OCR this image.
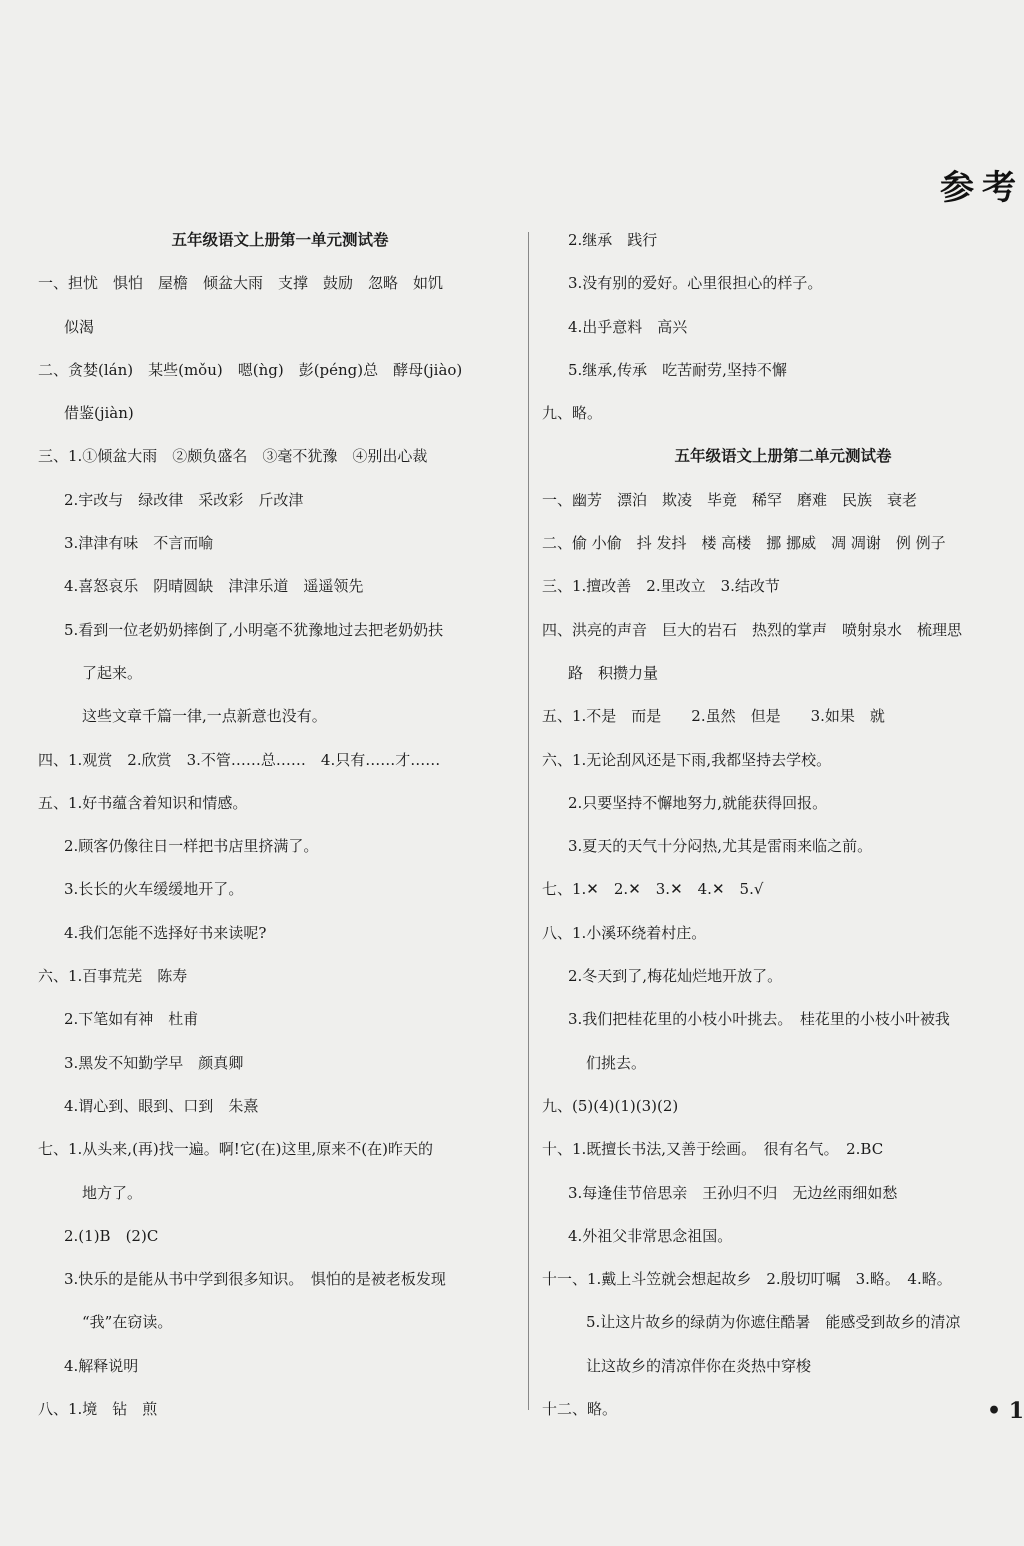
参考
五年级语文上册第一单元测试卷
一、担忧　惧怕　屋檐　倾盆大雨　支撑　鼓励　忽略　如饥
似渴
二、贪婪(lán)　某些(mǒu)　嗯(ǹg)　彭(péng)总　酵母(jiào)
借鉴(jiàn)
三、1.①倾盆大雨　②颇负盛名　③毫不犹豫　④别出心裁
2.宇改与　绿改律　采改彩　斤改津
3.津津有味　不言而喻
4.喜怒哀乐　阴晴圆缺　津津乐道　遥遥领先
5.看到一位老奶奶摔倒了,小明毫不犹豫地过去把老奶奶扶
了起来。
这些文章千篇一律,一点新意也没有。
四、1.观赏　2.欣赏　3.不管……总……　4.只有……才……
五、1.好书蕴含着知识和情感。
2.顾客仍像往日一样把书店里挤满了。
3.长长的火车缓缓地开了。
4.我们怎能不选择好书来读呢?
六、1.百事荒芜　陈寿
2.下笔如有神　杜甫
3.黑发不知勤学早　颜真卿
4.谓心到、眼到、口到　朱熹
七、1.从头来,(再)找一遍。啊!它(在)这里,原来不(在)昨天的
地方了。
2.(1)B　(2)C
3.快乐的是能从书中学到很多知识。　惧怕的是被老板发现
“我”在窃读。
4.解释说明
八、1.境　钻　煎
2.继承　践行
3.没有别的爱好。心里很担心的样子。
4.出乎意料　高兴
5.继承,传承　吃苦耐劳,坚持不懈
九、略。
五年级语文上册第二单元测试卷
一、幽芳　漂泊　欺凌　毕竟　稀罕　磨难　民族　衰老
二、偷 小偷　抖 发抖　楼 高楼　挪 挪威　凋 凋谢　例 例子
三、1.擅改善　2.里改立　3.结改节
四、洪亮的声音　巨大的岩石　热烈的掌声　喷射泉水　梳理思
路　积攒力量
五、1.不是　而是　　2.虽然　但是　　3.如果　就
六、1.无论刮风还是下雨,我都坚持去学校。
2.只要坚持不懈地努力,就能获得回报。
3.夏天的天气十分闷热,尤其是雷雨来临之前。
七、1.✕　2.✕　3.✕　4.✕　5.√
八、1.小溪环绕着村庄。
2.冬天到了,梅花灿烂地开放了。
3.我们把桂花里的小枝小叶挑去。　桂花里的小枝小叶被我
们挑去。
九、(5)(4)(1)(3)(2)
十、1.既擅长书法,又善于绘画。　很有名气。　2.BC
3.每逢佳节倍思亲　王孙归不归　无边丝雨细如愁
4.外祖父非常思念祖国。
十一、1.戴上斗笠就会想起故乡　2.殷切叮嘱　3.略。　4.略。
5.让这片故乡的绿荫为你遮住酷暑　能感受到故乡的清凉
让这故乡的清凉伴你在炎热中穿梭
十二、略。	• 1
